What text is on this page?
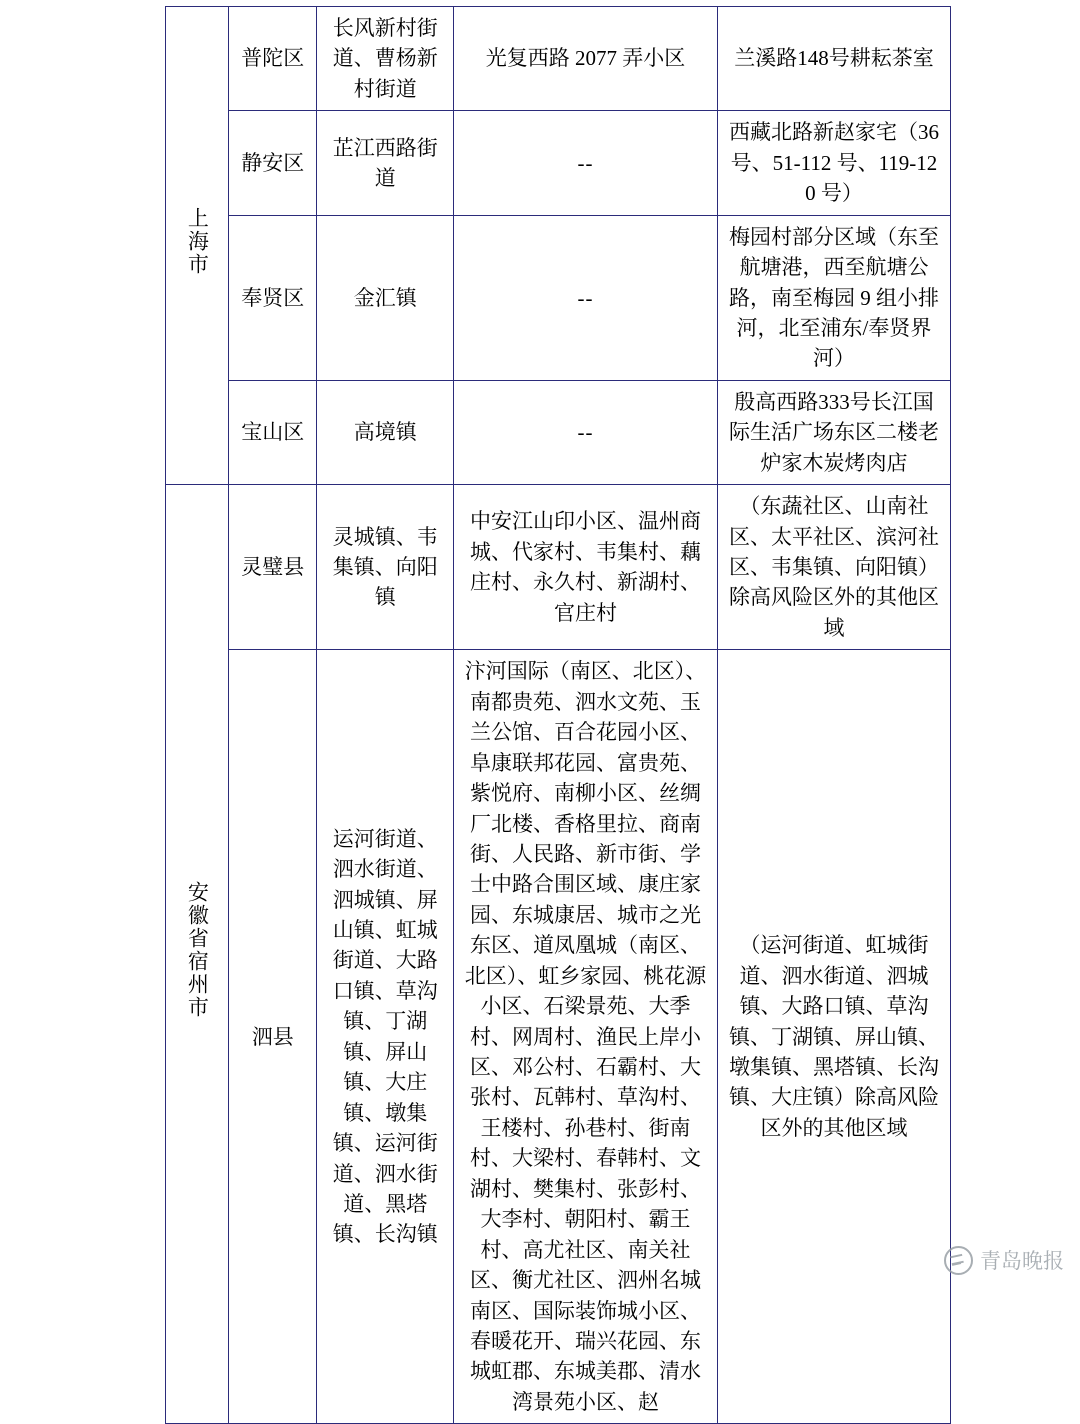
上海市	普陀区	长风新村街道、曹杨新村街道	光复西路 2077 弄小区	兰溪路148号耕耘茶室
	静安区	芷江西路街道	--	西藏北路新赵家宅（36号、51-112 号、119-120 号）
	奉贤区	金汇镇	--	梅园村部分区域（东至航塘港，西至航塘公路，南至梅园 9 组小排河，北至浦东/奉贤界河）
	宝山区	高境镇	--	殷高西路333号长江国际生活广场东区二楼老炉家木炭烤肉店
安徽省宿州市	灵璧县	灵城镇、韦集镇、向阳镇	中安江山印小区、温州商城、代家村、韦集村、藕庄村、永久村、新湖村、官庄村	（东蔬社区、山南社区、太平社区、滨河社区、韦集镇、向阳镇）除高风险区外的其他区域
	泗县	运河街道、泗水街道、泗城镇、屏山镇、虹城街道、大路口镇、草沟镇、丁湖镇、屏山镇、大庄镇、墩集镇、运河街道、泗水街道、黑塔镇、长沟镇	汴河国际（南区、北区）、南都贵苑、泗水文苑、玉兰公馆、百合花园小区、阜康联邦花园、富贵苑、紫悦府、南柳小区、丝绸厂北楼、香格里拉、商南街、人民路、新市街、学士中路合围区域、康庄家园、东城康居、城市之光东区、道凤凰城（南区、北区）、虹乡家园、桃花源小区、石梁景苑、大季村、网周村、渔民上岸小区、邓公村、石霸村、大张村、瓦韩村、草沟村、王楼村、孙巷村、街南村、大梁村、春韩村、文湖村、樊集村、张彭村、大李村、朝阳村、霸王村、高尤社区、南关社区、衡尤社区、泗州名城南区、国际装饰城小区、春暖花开、瑞兴花园、东城虹郡、东城美郡、清水湾景苑小区、赵	（运河街道、虹城街道、泗水街道、泗城镇、大路口镇、草沟镇、丁湖镇、屏山镇、墩集镇、黑塔镇、长沟镇、大庄镇）除高风险区外的其他区域
青岛晚报
